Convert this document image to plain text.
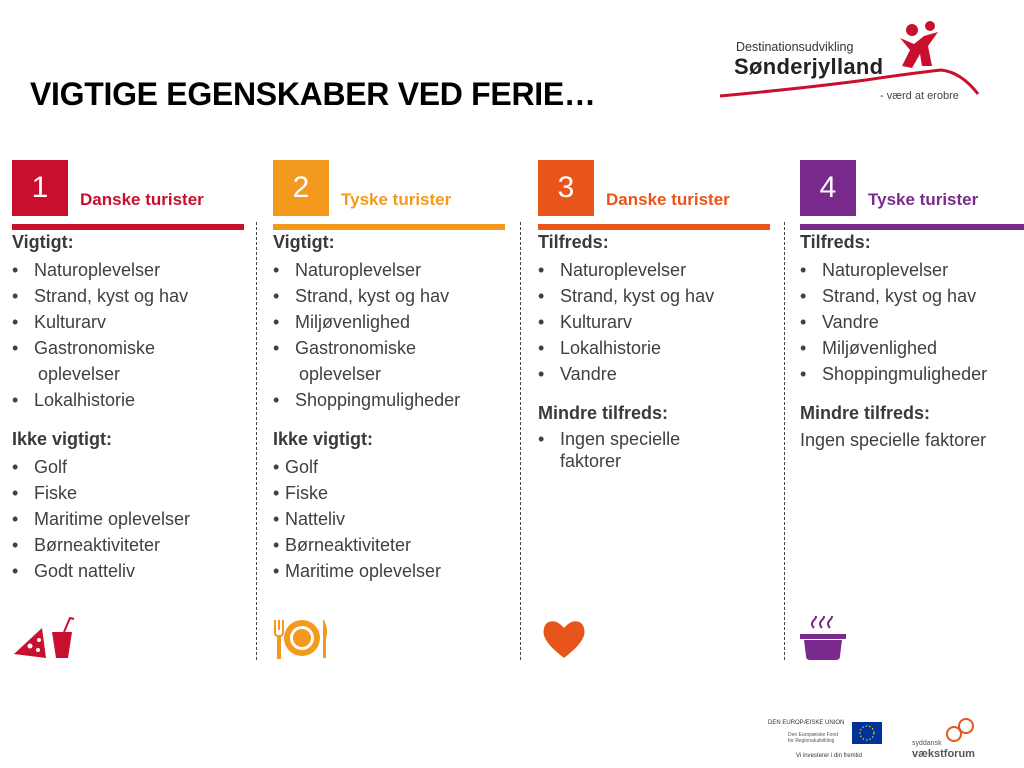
VIGTIGE EGENSKABER VED FERIE…
Destinationsudvikling
Sønderjylland
- værd at erobre
1	Danske turister
Vigtigt:
• Naturoplevelser
• Strand, kyst og hav
• Kulturarv
• Gastronomiske
oplevelser
• Lokalhistorie
Ikke vigtigt:
• Golf
• Fiske
• Maritime oplevelser
• Børneaktiviteter
• Godt natteliv
2	Tyske turister
Vigtigt:
• Naturoplevelser
• Strand, kyst og hav
• Miljøvenlighed
• Gastronomiske
oplevelser
• Shoppingmuligheder
Ikke vigtigt:
• Golf
• Fiske
• Natteliv
• Børneaktiviteter
• Maritime oplevelser
3	Danske turister
Tilfreds:
• Naturoplevelser
• Strand, kyst og hav
• Kulturarv
• Lokalhistorie
• Vandre
Mindre tilfreds:
• Ingen specielle
faktorer
4	Tyske turister
Tilfreds:
• Naturoplevelser
• Strand, kyst og hav
• Vandre
• Miljøvenlighed
• Shoppingmuligheder
Mindre tilfreds:
Ingen specielle faktorer
DEN EUROPÆISKE UNION
Den Europæiske Fond for Regionaludvikling
Vi investerer i din fremtid
syddansk
vækstforum
